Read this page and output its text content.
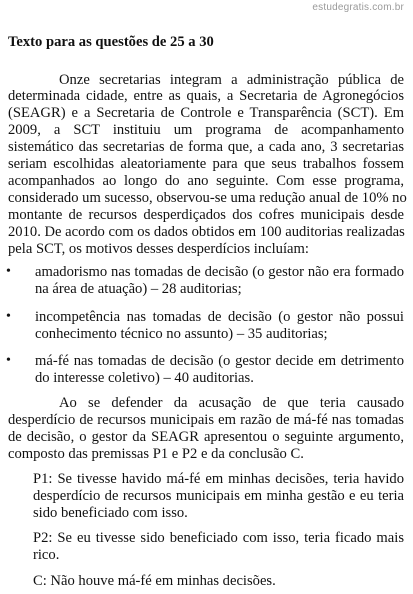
estudegratis.com.br
Texto para as questões de 25 a 30
Onze secretarias integram a administração pública de
determinada cidade, entre as quais, a Secretaria de Agronegócios
(SEAGR) e a Secretaria de Controle e Transparência (SCT). Em
2009, a SCT instituiu um programa de acompanhamento
sistemático das secretarias de forma que, a cada ano, 3 secretarias
seriam escolhidas aleatoriamente para que seus trabalhos fossem
acompanhados ao longo do ano seguinte. Com esse programa,
considerado um sucesso, observou-se uma redução anual de 10% no
montante de recursos desperdiçados dos cofres municipais desde
2010. De acordo com os dados obtidos em 100 auditorias realizadas
pela SCT, os motivos desses desperdícios incluíam:
• amadorismo nas tomadas de decisão (o gestor não era formado
na área de atuação) – 28 auditorias;
• incompetência nas tomadas de decisão (o gestor não possui
conhecimento técnico no assunto) – 35 auditorias;
• má-fé nas tomadas de decisão (o gestor decide em detrimento
do interesse coletivo) – 40 auditorias.
Ao se defender da acusação de que teria causado
desperdício de recursos municipais em razão de má-fé nas tomadas
de decisão, o gestor da SEAGR apresentou o seguinte argumento,
composto das premissas P1 e P2 e da conclusão C.
P1: Se tivesse havido má-fé em minhas decisões, teria havido
desperdício de recursos municipais em minha gestão e eu teria
sido beneficiado com isso.
P2: Se eu tivesse sido beneficiado com isso, teria ficado mais
rico.
C: Não houve má-fé em minhas decisões.
